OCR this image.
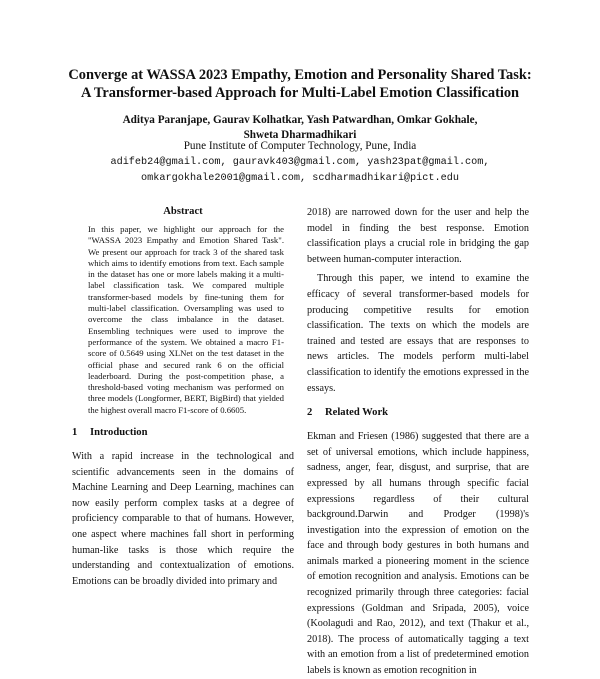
Converge at WASSA 2023 Empathy, Emotion and Personality Shared Task:
A Transformer-based Approach for Multi-Label Emotion Classification
Aditya Paranjape, Gaurav Kolhatkar, Yash Patwardhan, Omkar Gokhale,
Shweta Dharmadhikari
Pune Institute of Computer Technology, Pune, India
adifeb24@gmail.com, gauravk403@gmail.com, yash23pat@gmail.com,
omkargokhale2001@gmail.com, scdharmadhikari@pict.edu
Abstract

In this paper, we highlight our approach for the "WASSA 2023 Empathy and Emotion Shared Task". We present our approach for track 3 of the shared task which aims to identify emotions from text. Each sample in the dataset has one or more labels making it a multi-label classification task. We compared multiple transformer-based models by fine-tuning them for multi-label classification. Oversampling was used to overcome the class imbalance in the dataset. Ensembling techniques were used to improve the performance of the system. We obtained a macro F1-score of 0.5649 using XLNet on the test dataset in the official phase and secured rank 6 on the official leaderboard. During the post-competition phase, a threshold-based voting mechanism was performed on three models (Longformer, BERT, BigBird) that yielded the highest overall macro F1-score of 0.6605.

1 Introduction

With a rapid increase in the technological and scientific advancements seen in the domains of Machine Learning and Deep Learning, machines can now easily perform complex tasks at a degree of proficiency comparable to that of humans. However, one aspect where machines fall short in performing human-like tasks is those which require the understanding and contextualization of emotions. Emotions can be broadly divided into primary and

2018) are narrowed down for the user and help the model in finding the best response. Emotion classification plays a crucial role in bridging the gap between human-computer interaction.

Through this paper, we intend to examine the efficacy of several transformer-based models for producing competitive results for emotion classification. The texts on which the models are trained and tested are essays that are responses to news articles. The models perform multi-label classification to identify the emotions expressed in the essays.

2 Related Work

Ekman and Friesen (1986) suggested that there are a set of universal emotions, which include happiness, sadness, anger, fear, disgust, and surprise, that are expressed by all humans through specific facial expressions regardless of their cultural background.Darwin and Prodger (1998)'s investigation into the expression of emotion on the face and through body gestures in both humans and animals marked a pioneering moment in the science of emotion recognition and analysis. Emotions can be recognized primarily through three categories: facial expressions (Goldman and Sripada, 2005), voice (Koolagudi and Rao, 2012), and text (Thakur et al., 2018). The process of automatically tagging a text with an emotion from a list of predetermined emotion labels is known as emotion recognition in
